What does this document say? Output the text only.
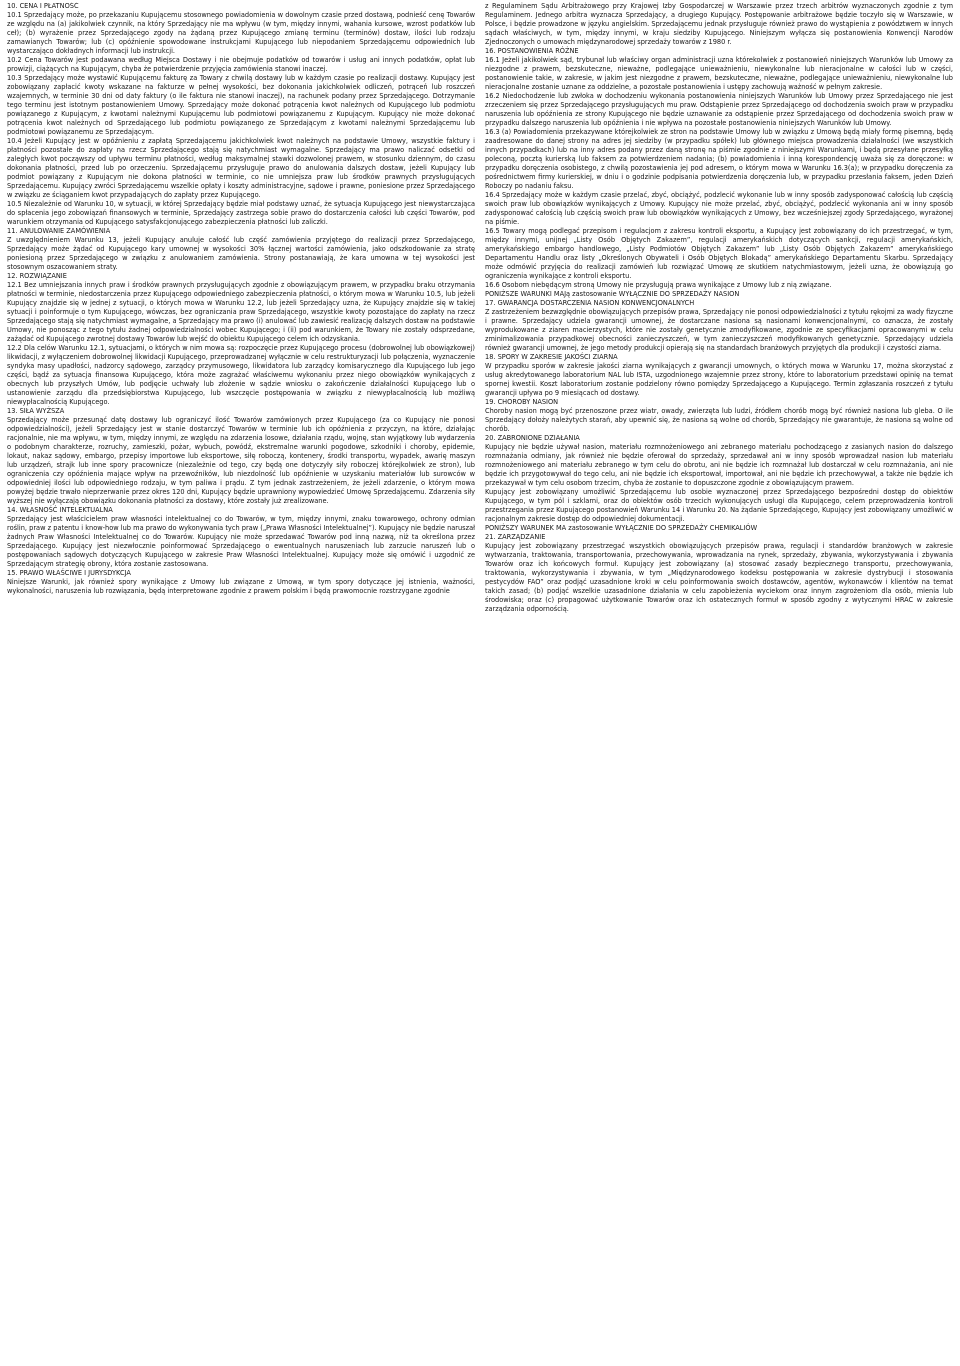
10. CENA I PŁATNOŚĆ

10.1 Sprzedający może, po przekazaniu Kupującemu stosownego powiadomienia w dowolnym czasie przed dostawą, podnieść cenę Towarów ze względu na (a) jakikolwiek czynnik, na który Sprzedający nie ma wpływu (w tym, między innymi, wahania kursowe, wzrost podatków lub ceł); (b) wyrażenie przez Sprzedającego zgody na żądaną przez Kupującego zmianę terminu (terminów) dostaw, ilości lub rodzaju zamawianych Towarów; lub (c) opóźnienie spowodowane instrukcjami Kupującego lub niepodaniem Sprzedającemu odpowiednich lub wystarczająco dokładnych informacji lub instrukcji.

10.2 Cena Towarów jest podawana według Miejsca Dostawy i nie obejmuje podatków od towarów i usług ani innych podatków, opłat lub prowizji, ciążących na Kupującym, chyba że potwierdzenie przyjęcia zamówienia stanowi inaczej.

10.3 Sprzedający może wystawić Kupującemu fakturę za Towary z chwilą dostawy lub w każdym czasie po realizacji dostawy. Kupujący jest zobowiązany zapłacić kwoty wskazane na fakturze w pełnej wysokości, bez dokonania jakichkolwiek odliczeń, potrąceń lub roszczeń wzajemnych, w terminie 30 dni od daty faktury (o ile faktura nie stanowi inaczej), na rachunek podany przez Sprzedającego. Dotrzymanie tego terminu jest istotnym postanowieniem Umowy. Sprzedający może dokonać potrącenia kwot należnych od Kupującego lub podmiotu powiązanego z Kupującym, z kwotami należnymi Kupującemu lub podmiotowi powiązanemu z Kupującym. Kupujący nie może dokonać potrącenia kwot należnych od Sprzedającego lub podmiotu powiązanego ze Sprzedającym z kwotami należnymi Sprzedającemu lub podmiotowi powiązanemu ze Sprzedającym.

10.4 Jeżeli Kupujący jest w opóźnieniu z zapłatą Sprzedającemu jakichkolwiek kwot należnych na podstawie Umowy, wszystkie faktury i płatności pozostałe do zapłaty na rzecz Sprzedającego stają się natychmiast wymagalne. Sprzedający ma prawo naliczać odsetki od zaległych kwot począwszy od upływu terminu płatności, według maksymalnej stawki dozwolonej prawem, w stosunku dziennym, do czasu dokonania płatności, przed lub po orzeczeniu. Sprzedającemu przysługuje prawo do anulowania dalszych dostaw, jeżeli Kupujący lub podmiot powiązany z Kupującym nie dokona płatności w terminie, co nie umniejsza praw lub środków prawnych przysługujących Sprzedającemu. Kupujący zwróci Sprzedającemu wszelkie opłaty i koszty administracyjne, sądowe i prawne, poniesione przez Sprzedającego w związku ze ściąganiem kwot przypadających do zapłaty przez Kupującego.

10.5 Niezależnie od Warunku 10, w sytuacji, w której Sprzedający będzie miał podstawy uznać, że sytuacja Kupującego jest niewystarczająca do spłacenia jego zobowiązań finansowych w terminie, Sprzedający zastrzega sobie prawo do dostarczenia całości lub części Towarów, pod warunkiem otrzymania od Kupującego satysfakcjonującego zabezpieczenia płatności lub zaliczki.

11. ANULOWANIE ZAMÓWIENIA

Z uwzględnieniem Warunku 13, jeżeli Kupujący anuluje całość lub część zamówienia przyjętego do realizacji przez Sprzedającego, Sprzedający może żądać od Kupującego kary umownej w wysokości 30% łącznej wartości zamówienia, jako odszkodowanie za stratę poniesioną przez Sprzedającego w związku z anulowaniem zamówienia. Strony postanawiają, że kara umowna w tej wysokości jest stosownym oszacowaniem straty.

12. ROZWIĄZANIE

12.1 Bez umniejszania innych praw i środków prawnych przysługujących zgodnie z obowiązującym prawem, w przypadku braku otrzymania płatności w terminie, niedostarczenia przez Kupującego odpowiedniego zabezpieczenia płatności, o którym mowa w Warunku 10.5, lub jeżeli Kupujący znajdzie się w jednej z sytuacji, o których mowa w Warunku 12.2, lub jeżeli Sprzedający uzna, że Kupujący znajdzie się w takiej sytuacji i poinformuje o tym Kupującego, wówczas, bez ograniczania praw Sprzedającego, wszystkie kwoty pozostające do zapłaty na rzecz Sprzedającego stają się natychmiast wymagalne, a Sprzedający ma prawo (i) anulować lub zawiesić realizację dalszych dostaw na podstawie Umowy, nie ponosząc z tego tytułu żadnej odpowiedzialności wobec Kupującego; i (ii) pod warunkiem, że Towary nie zostały odsprzedane, zażądać od Kupującego zwrotnej dostawy Towarów lub wejść do obiektu Kupującego celem ich odzyskania.

12.2 Dla celów Warunku 12.1, sytuacjami, o których w nim mowa są: rozpoczęcie przez Kupującego procesu (dobrowolnej lub obowiązkowej) likwidacji, z wyłączeniem dobrowolnej likwidacji Kupującego, przeprowadzanej wyłącznie w celu restrukturyzacji lub połączenia, wyznaczenie syndyka masy upadłości, nadzorcy sądowego, zarządcy przymusowego, likwidatora lub zarządcy komisarycznego dla Kupującego lub jego części, bądź za sytuacja finansowa Kupującego, która może zagrażać właściwemu wykonaniu przez niego obowiązków wynikających z obecnych lub przyszłych Umów, lub podjęcie uchwały lub złożenie w sądzie wniosku o zakończenie działalności Kupującego lub o ustanowienie zarządu dla przedsiębiorstwa Kupującego, lub wszczęcie postępowania w związku z niewypłacalnością lub możliwą niewypłacalnością Kupującego.

13. SIŁA WYŻSZA

Sprzedający może przesunąć datę dostawy lub ograniczyć ilość Towarów zamówionych przez Kupującego (za co Kupujący nie ponosi odpowiedzialności), jeżeli Sprzedający jest w stanie dostarczyć Towarów w terminie lub ich opóźnienia z przyczyn, na które, działając racjonalnie, nie ma wpływu, w tym, między innymi, ze względu na zdarzenia losowe, działania rządu, wojnę, stan wyjątkowy lub wydarzenia o podobnym charakterze, rozruchy, zamieszki, pożar, wybuch, powódź, ekstremalne warunki pogodowe, szkodniki i choroby, epidemie, lokaut, nakaz sądowy, embargo, przepisy importowe lub eksportowe, siłę roboczą, kontenery, środki transportu, wypadek, awarię maszyn lub urządzeń, strajk lub inne spory pracownicze (niezależnie od tego, czy będą one dotyczyły siły roboczej którejkolwiek ze stron), lub ograniczenia czy opóźnienia mające wpływ na przewoźników, lub niezdolność lub opóźnienie w uzyskaniu materiałów lub surowców w odpowiedniej ilości lub odpowiedniego rodzaju, w tym paliwa i prądu. Z tym jednak zastrzeżeniem, że jeżeli zdarzenie, o którym mowa powyżej będzie trwało nieprzerwanie przez okres 120 dni, Kupujący będzie uprawniony wypowiedzieć Umowę Sprzedającemu. Zdarzenia siły wyższej nie wyłączają obowiązku dokonania płatności za dostawy, które zostały już zrealizowane.

14. WŁASNOŚĆ INTELEKTUALNA

Sprzedający jest właścicielem praw własności intelektualnej co do Towarów, w tym, między innymi, znaku towarowego, ochrony odmian roślin, praw z patentu i know-how lub ma prawo do wykonywania tych praw („Prawa Własności Intelektualnej”). Kupujący nie będzie naruszał żadnych Praw Własności Intelektualnej co do Towarów. Kupujący nie może sprzedawać Towarów pod inną nazwą, niż ta określona przez Sprzedającego. Kupujący jest niezwłocznie poinformować Sprzedającego o ewentualnych naruszeniach lub zarzucie naruszeń lub o postępowaniach sądowych dotyczących Kupującego w zakresie Praw Własności Intelektualnej. Kupujący może się omówić i uzgodnić ze Sprzedającym strategię obrony, która zostanie zastosowana.

15. PRAWO WŁAŚCIWE I JURYSDYKCJA

Niniejsze Warunki, jak również spory wynikające z Umowy lub związane z Umową, w tym spory dotyczące jej istnienia, ważności, wykonalności, naruszenia lub rozwiązania, będą interpretowane zgodnie z prawem polskim i będą prawomocnie rozstrzygane zgodnie

z Regulaminem Sądu Arbitrażowego przy Krajowej Izby Gospodarczej w Warszawie przez trzech arbitrów wyznaczonych zgodnie z tym Regulaminem. Jednego arbitra wyznacza Sprzedający, a drugiego Kupujący. Postępowanie arbitrażowe będzie toczyło się w Warszawie, w Polsce, i będzie prowadzone w języku angielskim. Sprzedającemu jednak przysługuje również prawo do wystąpienia z powództwem w innych sądach właściwych, w tym, między innymi, w kraju siedziby Kupującego. Niniejszym wyłącza się postanowienia Konwencji Narodów Zjednoczonych o umowach międzynarodowej sprzedaży towarów z 1980 r.

16. POSTANOWIENIA RÓŻNE

16.1 Jeżeli jakikolwiek sąd, trybunał lub właściwy organ administracji uzna którekolwiek z postanowień niniejszych Warunków lub Umowy za niezgodne z prawem, bezskuteczne, nieważne, podlegające unieważnieniu, niewykonalne lub nieracjonalne w całości lub w części, postanowienie takie, w zakresie, w jakim jest niezgodne z prawem, bezskuteczne, nieważne, podlegające unieważnieniu, niewykonalne lub nieracjonalne zostanie uznane za oddzielne, a pozostałe postanowienia i ustępy zachowują ważność w pełnym zakresie.

16.2 Niedochodzenie lub zwłoka w dochodzeniu wykonania postanowienia niniejszych Warunków lub Umowy przez Sprzedającego nie jest zrzeczeniem się przez Sprzedającego przysługujących mu praw. Odstąpienie przez Sprzedającego od dochodzenia swoich praw w przypadku naruszenia lub opóźnienia ze strony Kupującego nie będzie uznawanie za odstąpienie przez Sprzedającego od dochodzenia swoich praw w przypadku dalszego naruszenia lub opóźnienia i nie wpływa na pozostałe postanowienia niniejszych Warunków lub Umowy.

16.3 (a) Powiadomienia przekazywane którejkolwiek ze stron na podstawie Umowy lub w związku z Umową będą miały formę pisemną, będą zaadresowane do danej strony na adres jej siedziby (w przypadku spółek) lub głównego miejsca prowadzenia działalności (we wszystkich innych przypadkach) lub na inny adres podany przez daną stronę na piśmie zgodnie z niniejszymi Warunkami, i będą przesyłane przesyłką poleconą, pocztą kurierską lub faksem za potwierdzeniem nadania; (b) powiadomienia i inną korespondencję uważa się za doręczone: w przypadku doręczenia osobistego, z chwilą pozostawienia jej pod adresem, o którym mowa w Warunku 16.3(a); w przypadku doręczenia za pośrednictwem firmy kurierskiej, w dniu i o godzinie podpisania potwierdzenia doręczenia lub, w przypadku przesłania faksem, jeden Dzień Roboczy po nadaniu faksu.

16.4 Sprzedający może w każdym czasie przelać, zbyć, obciążyć, podzlecić wykonanie lub w inny sposób zadysponować całością lub częścią swoich praw lub obowiązków wynikających z Umowy. Kupujący nie może przelać, zbyć, obciążyć, podzlecić wykonania ani w inny sposób zadysponować całością lub częścią swoich praw lub obowiązków wynikających z Umowy, bez wcześniejszej zgody Sprzedającego, wyrażonej na piśmie.

16.5 Towary mogą podlegać przepisom i regulacjom z zakresu kontroli eksportu, a Kupujący jest zobowiązany do ich przestrzegać, w tym, między innymi, unijnej „Listy Osób Objętych Zakazem”, regulacji amerykańskich dotyczących sankcji, regulacji amerykańskich, amerykańskiego embargo handlowego, „Listy Podmiotów Objętych Zakazem” lub „Listy Osób Objętych Zakazem” amerykańskiego Departamentu Handlu oraz listy „Określonych Obywateli i Osób Objętych Blokadą” amerykańskiego Departamentu Skarbu. Sprzedający może odmówić przyjęcia do realizacji zamówień lub rozwiązać Umowę ze skutkiem natychmiastowym, jeżeli uzna, że obowiązują go ograniczenia wynikające z kontroli eksportu.

16.6 Osobom niebędącym stroną Umowy nie przysługują prawa wynikające z Umowy lub z nią związane.

PONIŻSZE WARUNKI MAJą zastosowanie WYŁĄCZNIE DO SPRZEDAŻY NASION

17. GWARANCJA DOSTARCZENIA NASION KONWENCJONALNYCH

Z zastrzeżeniem bezwzględnie obowiązujących przepisów prawa, Sprzedający nie ponosi odpowiedzialności z tytułu rękojmi za wady fizyczne i prawne. Sprzedający udziela gwarancji umownej, że dostarczane nasiona są nasionami konwencjonalnymi, co oznacza, że zostały wyprodukowane z ziaren macierzystych, które nie zostały genetycznie zmodyfikowane, zgodnie ze specyfikacjami opracowanymi w celu zminimalizowania przypadkowej obecności zanieczyszczeń, w tym zanieczyszczeń modyfikowanych genetycznie. Sprzedający udziela również gwarancji umownej, że jego metody produkcji opierają się na standardach branżowych przyjętych dla produkcji i czystości ziarna.

18. SPORY W ZAKRESIE JAKOŚCI ZIARNA

W przypadku sporów w zakresie jakości ziarna wynikających z gwarancji umownych, o których mowa w Warunku 17, można skorzystać z usług akredytowanego laboratorium NAL lub ISTA, uzgodnionego wzajemnie przez strony, które to laboratorium przedstawi opinię na temat spornej kwestii. Koszt laboratorium zostanie podzielony równo pomiędzy Sprzedającego a Kupującego. Termin zgłaszania roszczeń z tytułu gwarancji upływa po 9 miesiącach od dostawy.

19. CHOROBY NASION

Choroby nasion mogą być przenoszone przez wiatr, owady, zwierzęta lub ludzi, źródłem chorób mogą być również nasiona lub gleba. O ile Sprzedający dołoży należytych starań, aby upewnić się, że nasiona są wolne od chorób, Sprzedający nie gwarantuje, że nasiona są wolne od chorób.

20. ZABRONIONE DZIAŁANIA

Kupujący nie będzie używał nasion, materiału rozmnożeniowego ani zebranego materiału pochodzącego z zasianych nasion do dalszego rozmnażania odmiany, jak również nie będzie oferował do sprzedaży, sprzedawał ani w inny sposób wprowadzał nasion lub materiału rozmnożeniowego ani materiału zebranego w tym celu do obrotu, ani nie będzie ich rozmnażał lub dostarczał w celu rozmnażania, ani nie będzie ich przygotowywał do tego celu, ani nie będzie ich eksportował, importował, ani nie będzie ich przechowywał, a także nie będzie ich przekazywał w tym celu osobom trzecim, chyba że zostanie to dopuszczone zgodnie z obowiązującym prawem.

Kupujący jest zobowiązany umożliwić Sprzedającemu lub osobie wyznaczonej przez Sprzedającego bezpośredni dostęp do obiektów Kupującego, w tym pól i szklarni, oraz do obiektów osób trzecich wykonujących usługi dla Kupującego, celem przeprowadzenia kontroli przestrzegania przez Kupującego postanowień Warunku 14 i Warunku 20. Na żądanie Sprzedającego, Kupujący jest zobowiązany umożliwić w racjonalnym zakresie dostęp do odpowiedniej dokumentacji.

PONIŻSZY WARUNEK MA zastosowanie WYŁĄCZNIE DO SPRZEDAŻY CHEMIKALIÓW

21. ZARZĄDZANIE

Kupujący jest zobowiązany przestrzegać wszystkich obowiązujących przepisów prawa, regulacji i standardów branżowych w zakresie wytwarzania, traktowania, transportowania, przechowywania, wprowadzania na rynek, sprzedaży, zbywania, wykorzystywania i zbywania Towarów oraz ich końcowych formuł. Kupujący jest zobowiązany (a) stosować zasady bezpiecznego transportu, przechowywania, traktowania, wykorzystywania i zbywania, w tym „Międzynarodowego kodeksu postępowania w zakresie dystrybucji i stosowania pestycydów FAO” oraz podjąć uzasadnione kroki w celu poinformowania swoich dostawców, agentów, wykonawców i klientów na temat takich zasad; (b) podjąć wszelkie uzasadnione działania w celu zapobieżenia wyciekom oraz innym zagrożeniom dla osób, mienia lub środowiska; oraz (c) propagować użytkowanie Towarów oraz ich ostatecznych formuł w sposób zgodny z wytycznymi HRAC w zakresie zarządzania odpornością.
